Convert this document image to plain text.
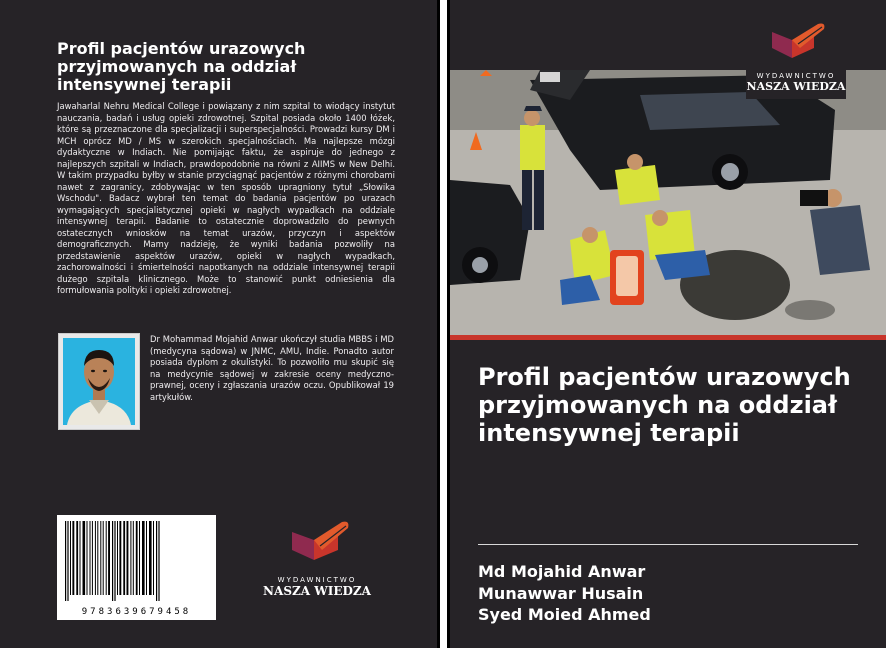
Profil pacjentów urazowych przyjmowanych na oddział intensywnej terapii

Jawaharlal Nehru Medical College i powiązany z nim szpital to wiodący instytut nauczania, badań i usług opieki zdrowotnej. Szpital posiada około 1400 łóżek, które są przeznaczone dla specjalizacji i superspecjalności. Prowadzi kursy DM i MCH oprócz MD / MS w szerokich specjalnościach. Ma najlepsze mózgi dydaktyczne w Indiach. Nie pomijając faktu, że aspiruje do jednego z najlepszych szpitali w Indiach, prawdopodobnie na równi z AIIMS w New Delhi. W takim przypadku byłby w stanie przyciągnąć pacjentów z różnymi chorobami nawet z zagranicy, zdobywając w ten sposób upragniony tytuł „Słowika Wschodu". Badacz wybrał ten temat do badania pacjentów po urazach wymagających specjalistycznej opieki w nagłych wypadkach na oddziale intensywnej terapii. Badanie to ostatecznie doprowadziło do pewnych ostatecznych wniosków na temat urazów, przyczyn i aspektów demograficznych. Mamy nadzieję, że wyniki badania pozwoliły na przedstawienie aspektów urazów, opieki w nagłych wypadkach, zachorowalności i śmiertelności napotkanych na oddziale intensywnej terapii dużego szpitala klinicznego. Może to stanowić punkt odniesienia dla formułowania polityki i opieki zdrowotnej.

Dr Mohammad Mojahid Anwar ukończył studia MBBS i MD (medycyna sądowa) w JNMC, AMU, Indie. Ponadto autor posiada dyplom z okulistyki. To pozwoliło mu skupić się na medycynie sądowej w zakresie oceny medyczno-prawnej, oceny i zgłaszania urazów oczu. Opublikował 19 artykułów.

9783639679458
WYDAWNICTWO
NASZA WIEDZA
WYDAWNICTWO
NASZA WIEDZA
Profil pacjentów urazowych przyjmowanych na oddział intensywnej terapii
Md Mojahid Anwar
Munawwar Husain
Syed Moied Ahmed
